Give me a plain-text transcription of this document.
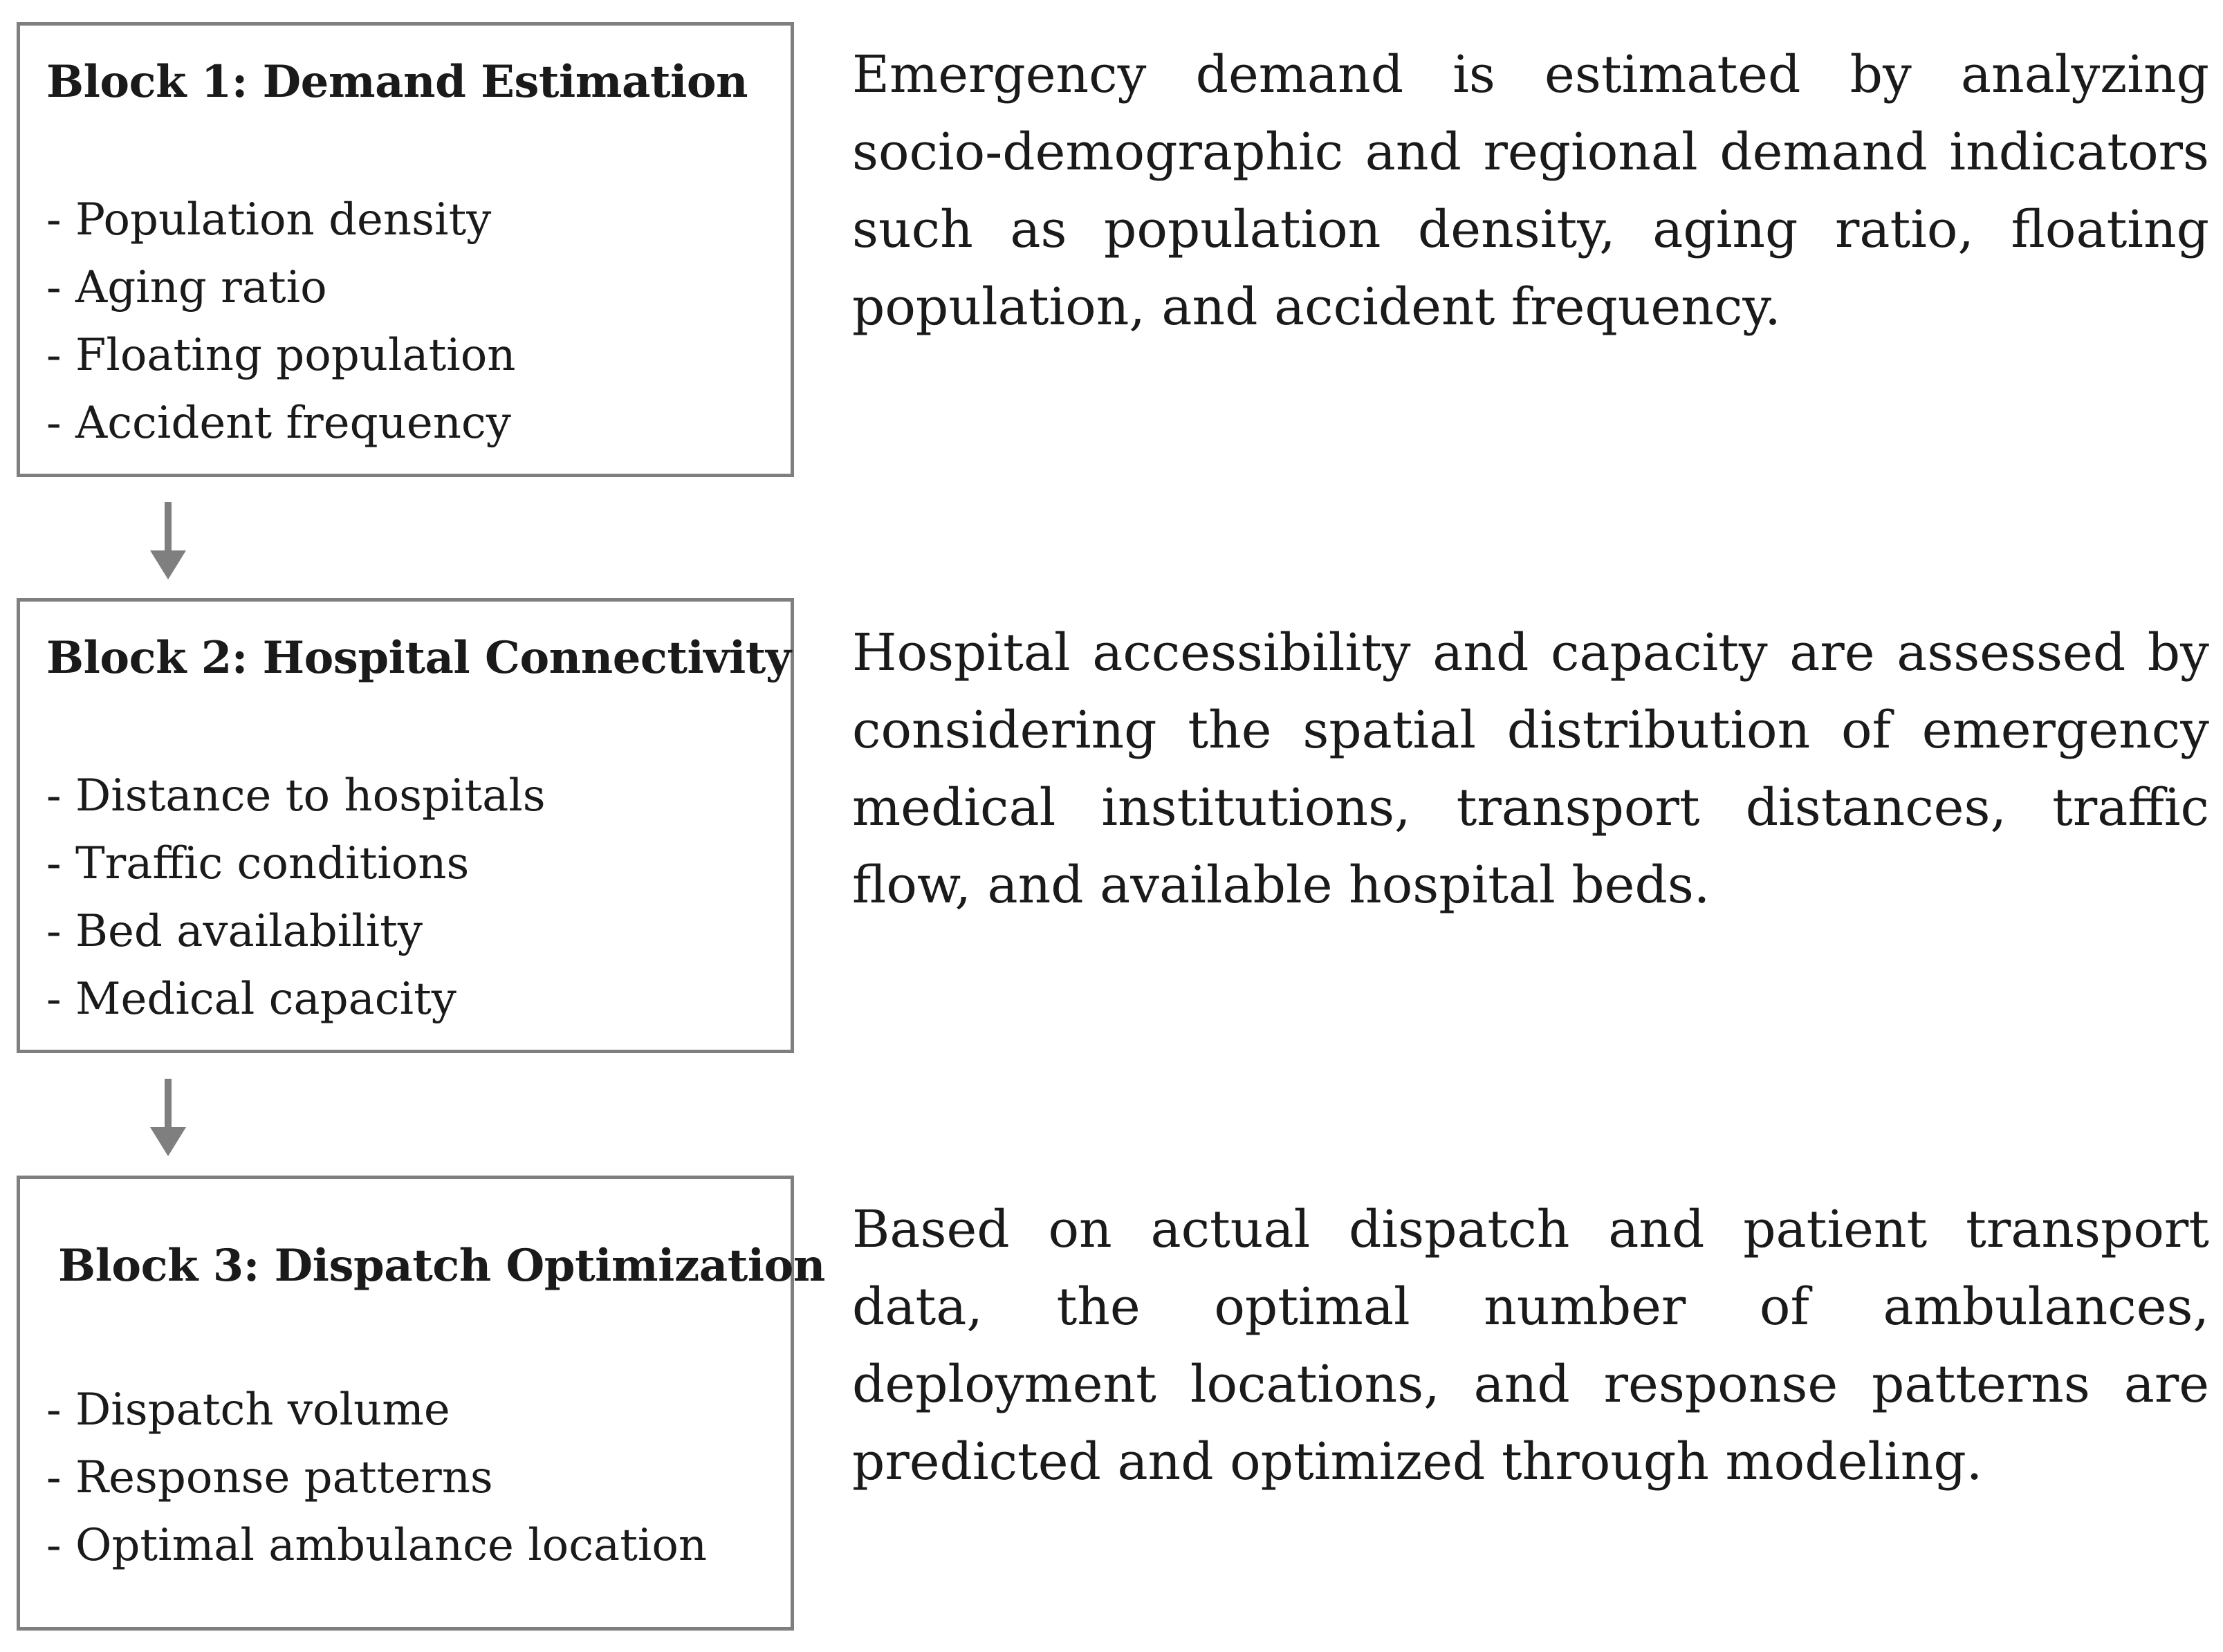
Block 1: Demand Estimation
- Population density
- Aging ratio
- Floating population
- Accident frequency
Block 2: Hospital Connectivity
- Distance to hospitals
- Traffic conditions
- Bed availability
- Medical capacity
Block 3: Dispatch Optimization
- Dispatch volume
- Response patterns
- Optimal ambulance location

Emergency demand is estimated by analyzing socio-demographic and regional demand indicators such as population density, aging ratio, floating population, and accident frequency.

Hospital accessibility and capacity are assessed by considering the spatial distribution of emergency medical institutions, transport distances, traffic flow, and available hospital beds.

Based on actual dispatch and patient transport data, the optimal number of ambulances, deployment locations, and response patterns are predicted and optimized through modeling.
